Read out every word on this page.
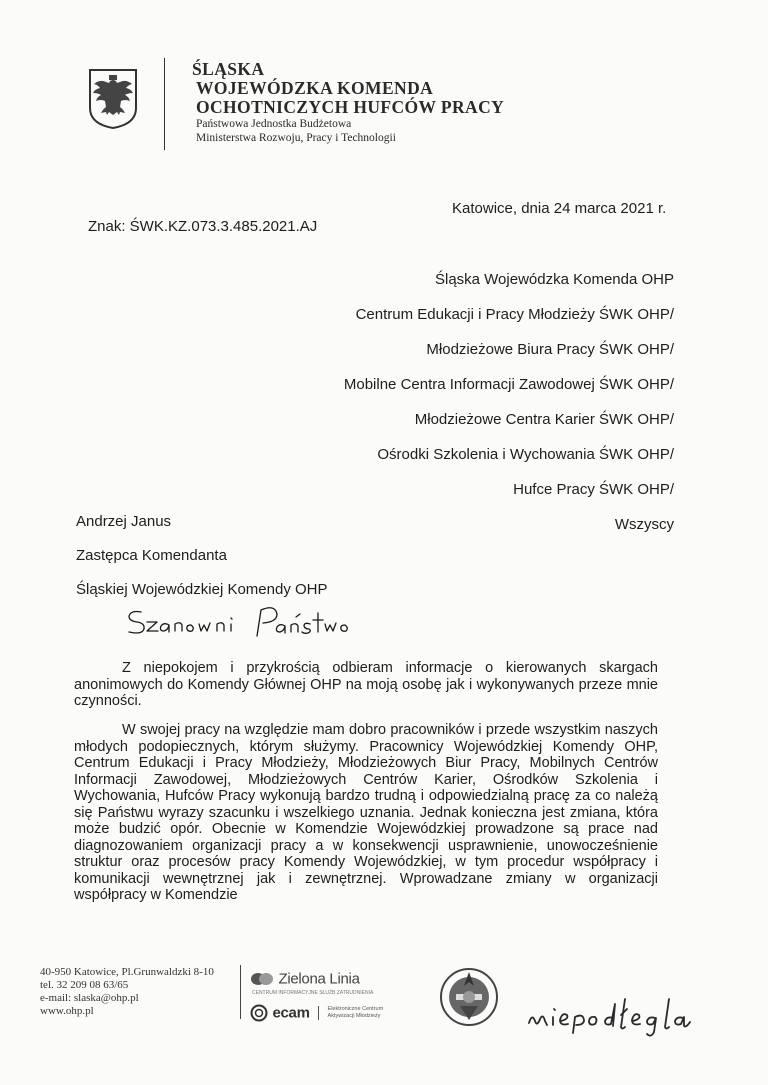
ŚLĄSKA
WOJEWÓDZKA KOMENDA
OCHOTNICZYCH HUFCÓW PRACY
Państwowa Jednostka Budżetowa
Ministerstwa Rozwoju, Pracy i Technologii
Katowice, dnia 24 marca 2021 r.
Znak: ŚWK.KZ.073.3.485.2021.AJ
Śląska Wojewódzka Komenda OHP
Centrum Edukacji i Pracy Młodzieży ŚWK OHP/
Młodzieżowe Biura Pracy ŚWK OHP/
Mobilne Centra Informacji Zawodowej ŚWK OHP/
Młodzieżowe Centra Karier ŚWK OHP/
Ośrodki Szkolenia i Wychowania ŚWK OHP/
Hufce Pracy ŚWK OHP/
Wszyscy
Andrzej Janus
Zastępca Komendanta
Śląskiej Wojewódzkiej Komendy OHP

Z niepokojem i przykrością odbieram informacje o kierowanych skargach anonimowych do Komendy Głównej OHP na moją osobę jak i wykonywanych przeze mnie czynności.

W swojej pracy na względzie mam dobro pracowników i przede wszystkim naszych młodych podopiecznych, którym służymy. Pracownicy Wojewódzkiej Komendy OHP, Centrum Edukacji i Pracy Młodzieży, Młodzieżowych Biur Pracy, Mobilnych Centrów Informacji Zawodowej, Młodzieżowych Centrów Karier, Ośrodków Szkolenia i Wychowania, Hufców Pracy wykonują bardzo trudną i odpowiedzialną pracę za co należą się Państwu wyrazy szacunku i wszelkiego uznania. Jednak konieczna jest zmiana, która może budzić opór. Obecnie w Komendzie Wojewódzkiej prowadzone są prace nad diagnozowaniem organizacji pracy a w konsekwencji usprawnienie, unowocześnienie struktur oraz procesów pracy Komendy Wojewódzkiej, w tym procedur współpracy i komunikacji wewnętrznej jak i zewnętrznej. Wprowadzane zmiany w organizacji współpracy w Komendzie

40-950 Katowice, Pl.Grunwaldzki 8-10
tel. 32 209 08 63/65
e-mail: slaska@ohp.pl
www.ohp.pl
Zielona Linia
CENTRUM INFORMACYJNE SŁUŻB ZATRUDNIENIA
ecam	Elektroniczne Centrum
Aktywizacji Młodzieży
